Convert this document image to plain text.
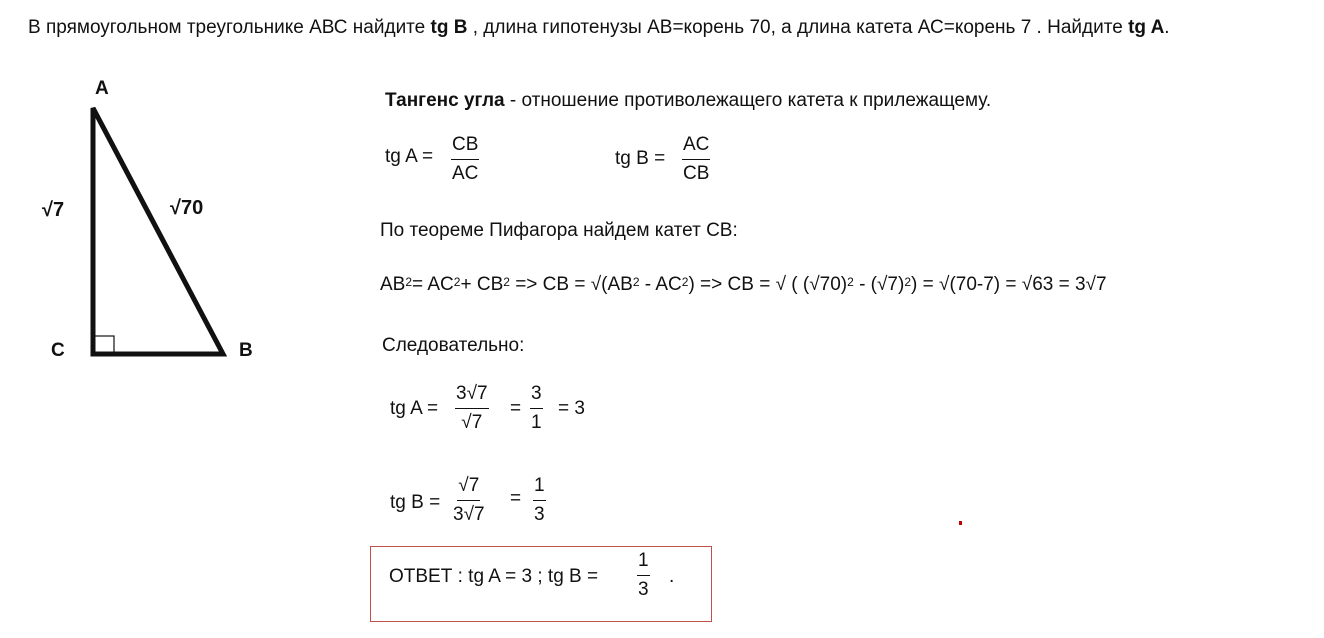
В прямоугольном треугольнике АВС найдите tg B , длина гипотенузы АВ=корень 70, а длина катета АС=корень 7 . Найдите tg A.
A
C	B
√7	√70
Тангенс угла - отношение противолежащего катета к прилежащему.
tg $A = \frac{CB}{AC}$	tg $B = \frac{AC}{CB}$
По теореме Пифагора найдем катет СВ:
$AB^2= AC^2+ CB^2$ => CB = $√(AB^2 - AC^2)$ => CB = √ ( $(√70)^2 - (√7)^2) = √(70-7) = √63 = 3√7$
Следовательно:
tg $A = \frac{3√7}{√7} = \frac{3}{1} = 3$
tg $B = \frac{√7}{3√7} = \frac{1}{3}$
ОТВЕТ : tg A = 3 ; tg $B = \frac{1}{3}$ .
